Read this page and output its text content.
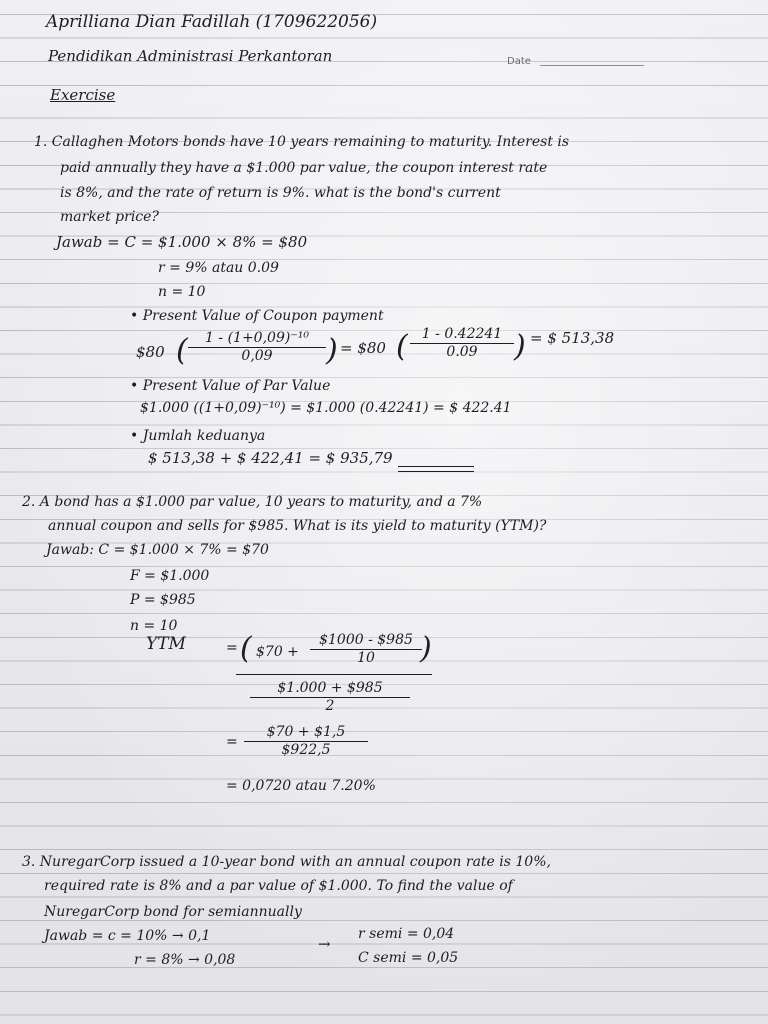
Aprilliana Dian Fadillah (1709622056)
Pendidikan Administrasi Perkantoran	Date
Exercise
1. Callaghen Motors bonds have 10 years remaining to maturity. Interest is
paid annually they have a $1.000 par value, the coupon interest rate
is 8%, and the rate of return is 9%. what is the bond's current
market price?
Jawab = C = $1.000 × 8% = $80
r = 9% atau 0.09
n = 10
• Present Value of Coupon payment
$80 ( $\frac{\text{1 - (1+0,09)⁻¹⁰}}{0,09}$ ) = $80 ( $\frac{1 - 0.42241}{0.09}$ ) = $ 513,38
• Present Value of Par Value
$1.000 ((1+0,09)⁻¹⁰) = $1.000 (0.42241) = $ 422.41
• Jumlah keduanya
$ 513,38 + $ 422,41 = $ 935,79
2. A bond has a $1.000 par value, 10 years to maturity, and a 7%
annual coupon and sells for $985. What is its yield to maturity (YTM)?
Jawab: C = $1.000 × 7% = $70
F = $1.000
P = $985
n = 10
YTM	= ( $70 + $\frac{\$1000 - \$985}{10}$
)
$\frac{\$1.000 + \$985}{2}$
= $\frac{\$70 + \$1,5}{\$922,5}$
= 0,0720 atau 7.20%
3. NuregarCorp issued a 10-year bond with an annual coupon rate is 10%,
required rate is 8% and a par value of $1.000. To find the value of
NuregarCorp bond for semiannually
Jawab = c = 10% → 0,1
r = 8% → 0,08
→
r semi = 0,04
C semi = 0,05
